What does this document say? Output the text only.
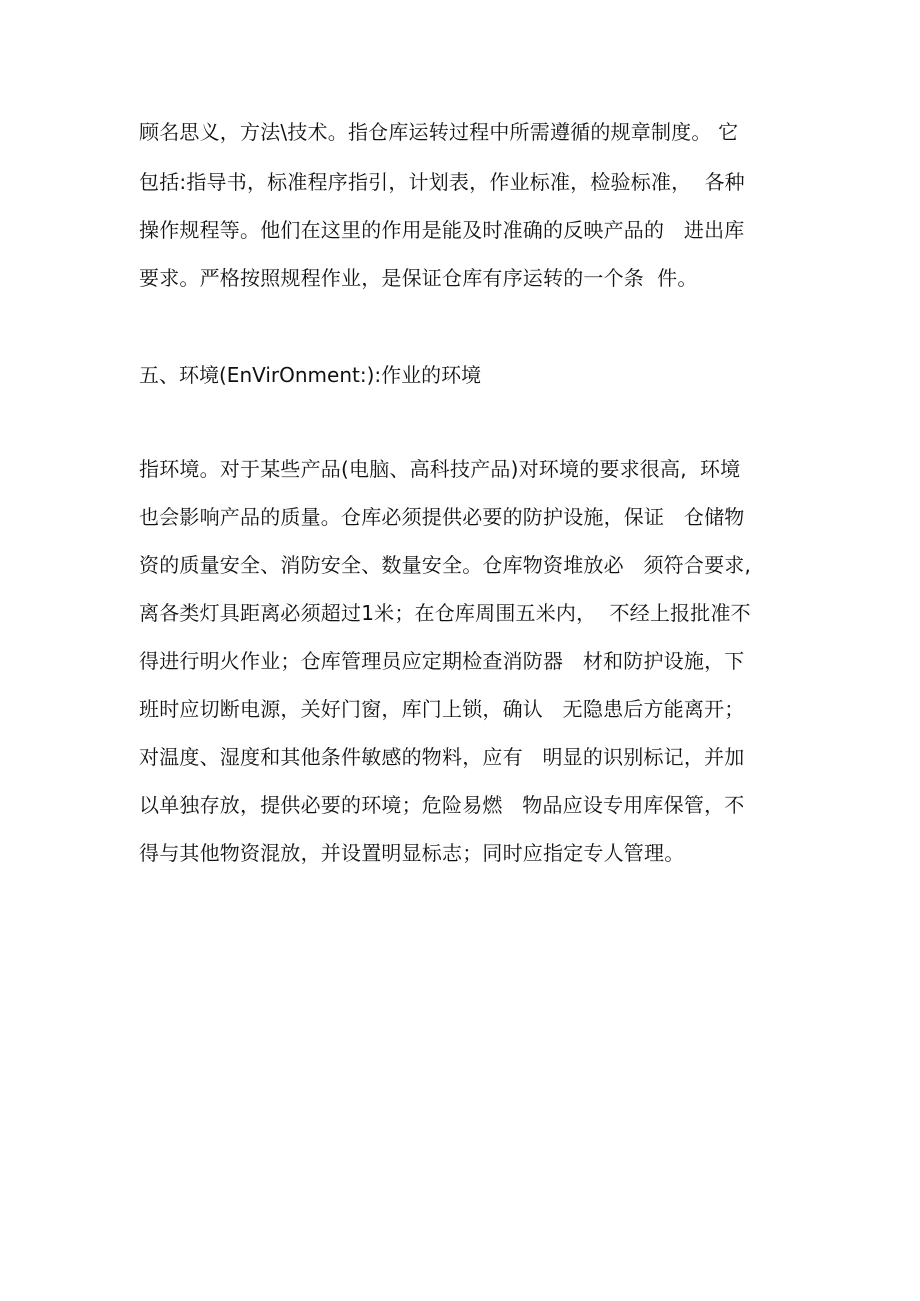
顾名思义，方法\技术。指仓库运转过程中所需遵循的规章制度。 它
包括:指导书，标准程序指引，计划表，作业标准，检验标准，  各种
操作规程等。他们在这里的作用是能及时准确的反映产品的   进出库
要求。严格按照规程作业，是保证仓库有序运转的一个条  件。
五、环境(EnVirOnment:):作业的环境
指环境。对于某些产品(电脑、高科技产品)对环境的要求很高,  环境
也会影响产品的质量。仓库必须提供必要的防护设施，保证   仓储物
资的质量安全、消防安全、数量安全。仓库物资堆放必   须符合要求,
离各类灯具距离必须超过1米；在仓库周围五米内，  不经上报批准不
得进行明火作业；仓库管理员应定期检查消防器   材和防护设施，下
班时应切断电源，关好门窗，库门上锁，确认   无隐患后方能离开；
对温度、湿度和其他条件敏感的物料，应有   明显的识别标记，并加
以单独存放，提供必要的环境；危险易燃   物品应设专用库保管，不
得与其他物资混放，并设置明显标志；同时应指定专人管理。
